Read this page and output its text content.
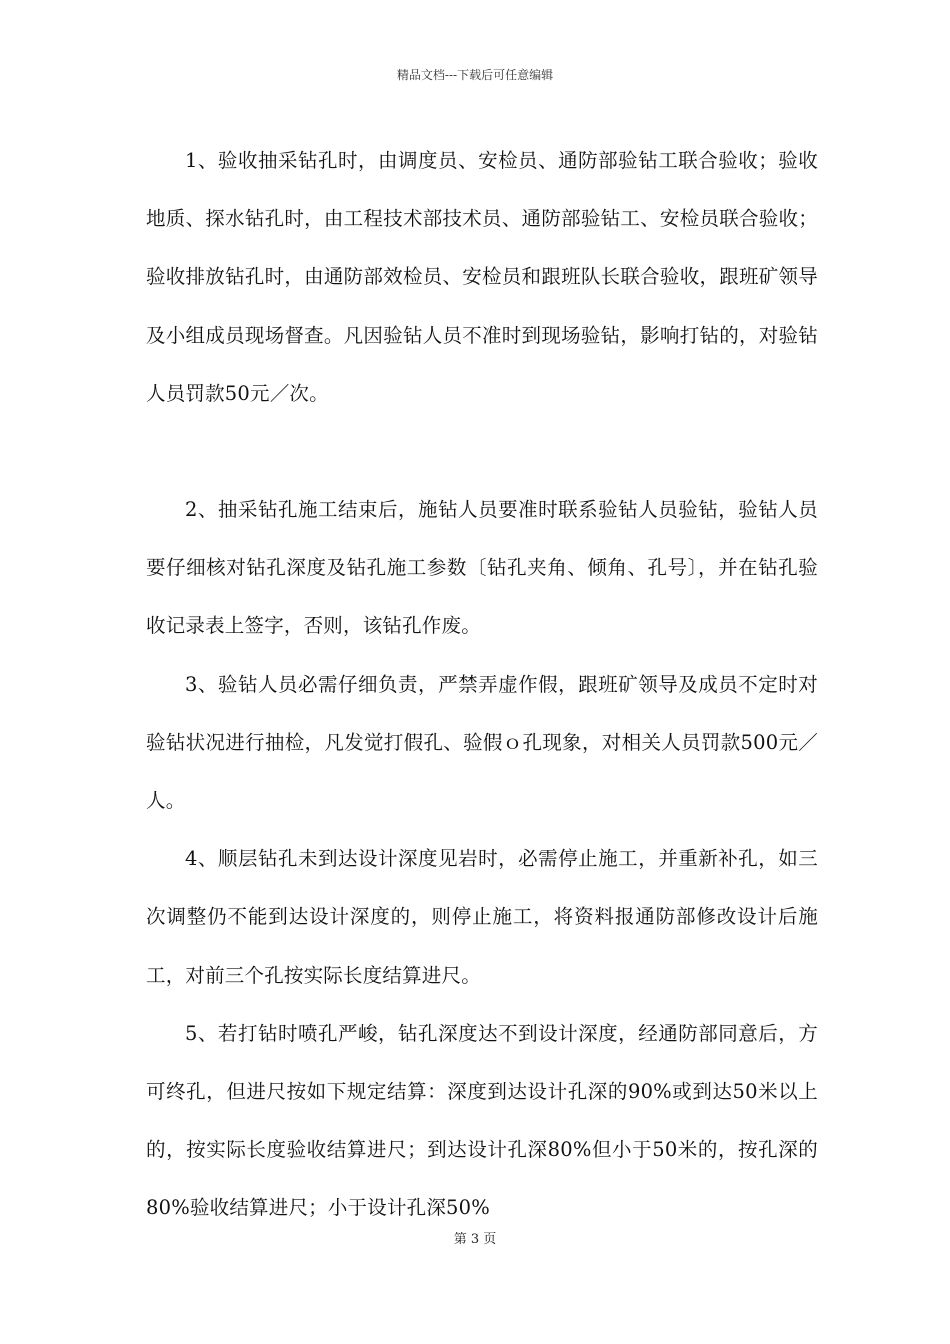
精品文档---下载后可任意编辑

1、验收抽采钻孔时，由调度员、安检员、通防部验钻工联合验收；验收地质、探水钻孔时，由工程技术部技术员、通防部验钻工、安检员联合验收；验收排放钻孔时，由通防部效检员、安检员和跟班队长联合验收，跟班矿领导及小组成员现场督查。凡因验钻人员不准时到现场验钻，影响打钻的，对验钻人员罚款50元／次。

2、抽采钻孔施工结束后，施钻人员要准时联系验钻人员验钻，验钻人员要仔细核对钻孔深度及钻孔施工参数〔钻孔夹角、倾角、孔号〕，并在钻孔验收记录表上签字，否则，该钻孔作废。

3、验钻人员必需仔细负责，严禁弄虚作假，跟班矿领导及成员不定时对验钻状况进行抽检，凡发觉打假孔、验假ｏ孔现象，对相关人员罚款500元／人。

4、顺层钻孔未到达设计深度见岩时，必需停止施工，并重新补孔，如三次调整仍不能到达设计深度的，则停止施工，将资料报通防部修改设计后施工，对前三个孔按实际长度结算进尺。

5、若打钻时喷孔严峻，钻孔深度达不到设计深度，经通防部同意后，方可终孔，但进尺按如下规定结算：深度到达设计孔深的90%或到达50米以上的，按实际长度验收结算进尺；到达设计孔深80%但小于50米的，按孔深的80%验收结算进尺；小于设计孔深50%

第 3 页
